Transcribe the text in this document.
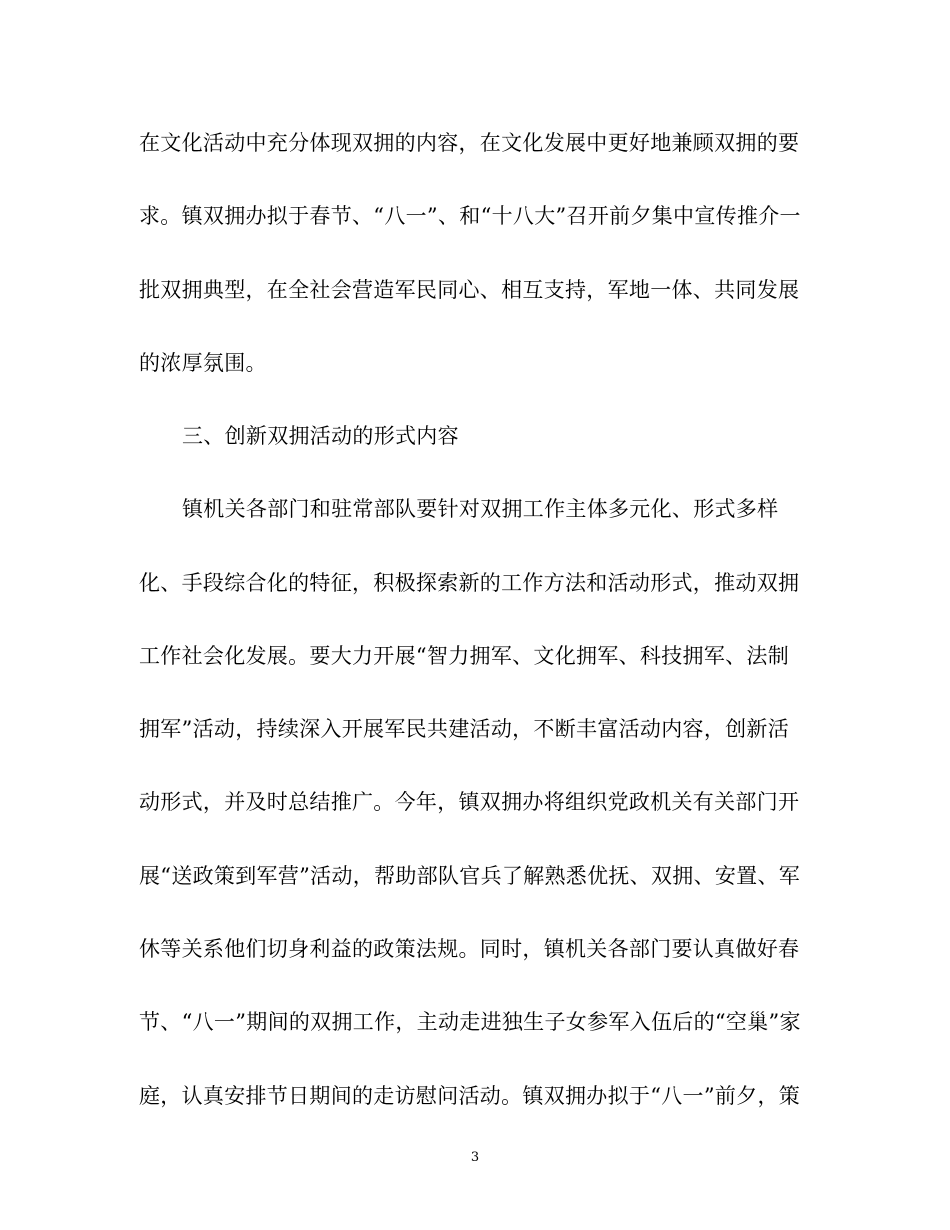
在文化活动中充分体现双拥的内容，在文化发展中更好地兼顾双拥的要
求。镇双拥办拟于春节、“八一”、和“十八大”召开前夕集中宣传推介一
批双拥典型，在全社会营造军民同心、相互支持，军地一体、共同发展
的浓厚氛围。
三、创新双拥活动的形式内容
镇机关各部门和驻常部队要针对双拥工作主体多元化、形式多样
化、手段综合化的特征，积极探索新的工作方法和活动形式，推动双拥
工作社会化发展。要大力开展“智力拥军、文化拥军、科技拥军、法制
拥军”活动，持续深入开展军民共建活动，不断丰富活动内容，创新活
动形式，并及时总结推广。今年，镇双拥办将组织党政机关有关部门开
展“送政策到军营”活动，帮助部队官兵了解熟悉优抚、双拥、安置、军
休等关系他们切身利益的政策法规。同时，镇机关各部门要认真做好春
节、“八一”期间的双拥工作，主动走进独生子女参军入伍后的“空巢”家
庭，认真安排节日期间的走访慰问活动。镇双拥办拟于“八一”前夕，策
3
